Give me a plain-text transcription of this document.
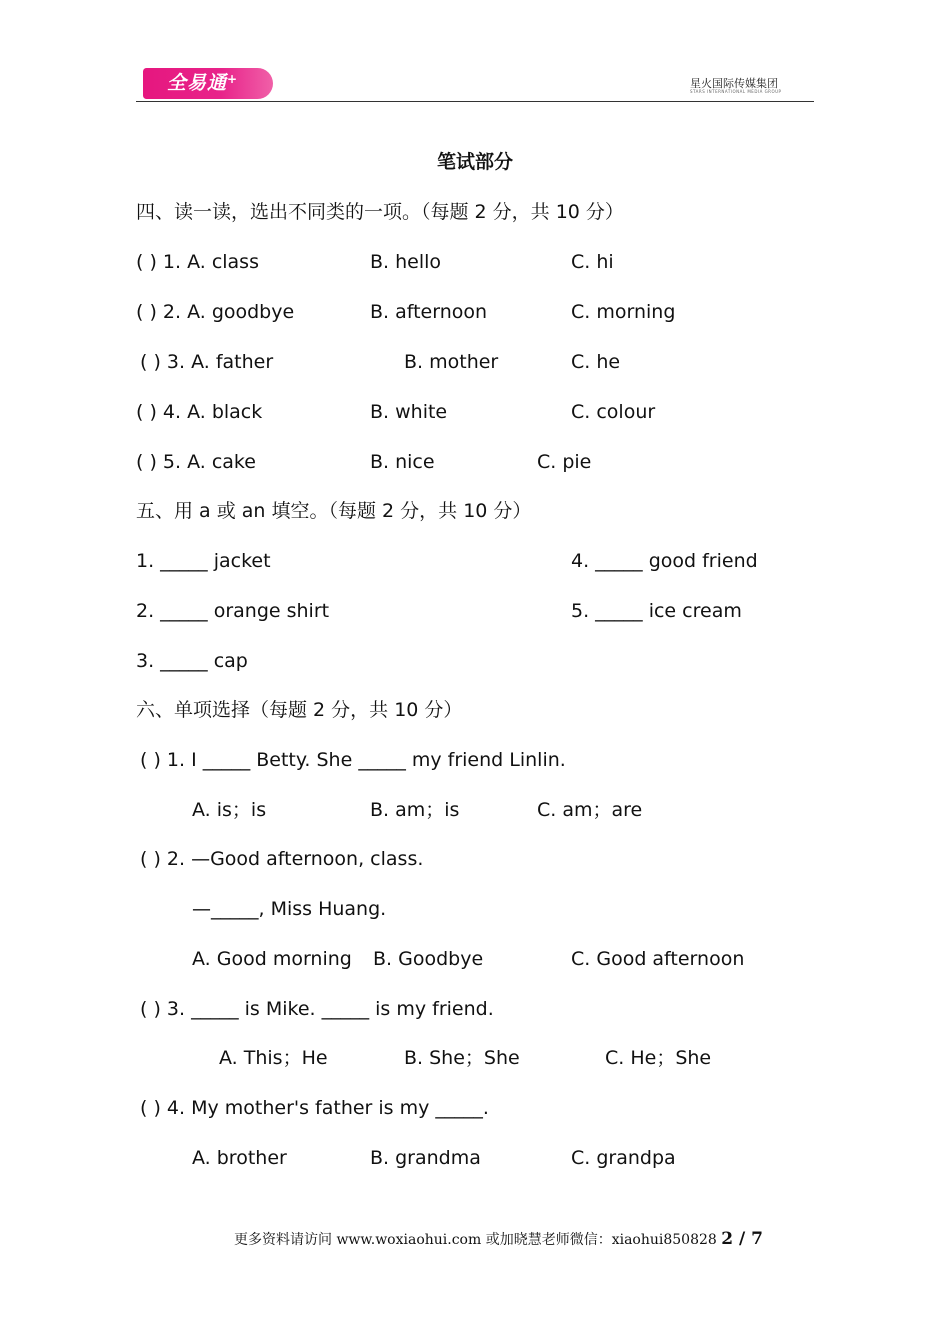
全易通+	星火国际传媒集团
STARS INTERNATIONAL MEDIA GROUP
笔试部分
四、读一读，选出不同类的一项。（每题 2 分，共 10 分）
( ) 1. A. class	B. hello	C. hi
( ) 2. A. goodbye	B. afternoon	C. morning
( ) 3. A. father	B. mother	C. he
( ) 4. A. black	B. white	C. colour
( ) 5. A. cake	B. nice	C. pie
五、用 a 或 an 填空。（每题 2 分，共 10 分）
1. _____ jacket	4. _____ good friend
2. _____ orange shirt	5. _____ ice cream
3. _____ cap
六、单项选择（每题 2 分，共 10 分）
( ) 1. I _____ Betty. She _____ my friend Linlin.
A. is；is	B. am；is	C. am；are
( ) 2. —Good afternoon, class.
—_____, Miss Huang.
A. Good morning B. Goodbye	C. Good afternoon
( ) 3. _____ is Mike. _____ is my friend.
A. This；He	B. She；She	C. He；She
( ) 4. My mother's father is my _____.
A. brother	B. grandma	C. grandpa
更多资料请访问 www.woxiaohui.com 或加晓慧老师微信：xiaohui850828 2 / 7
